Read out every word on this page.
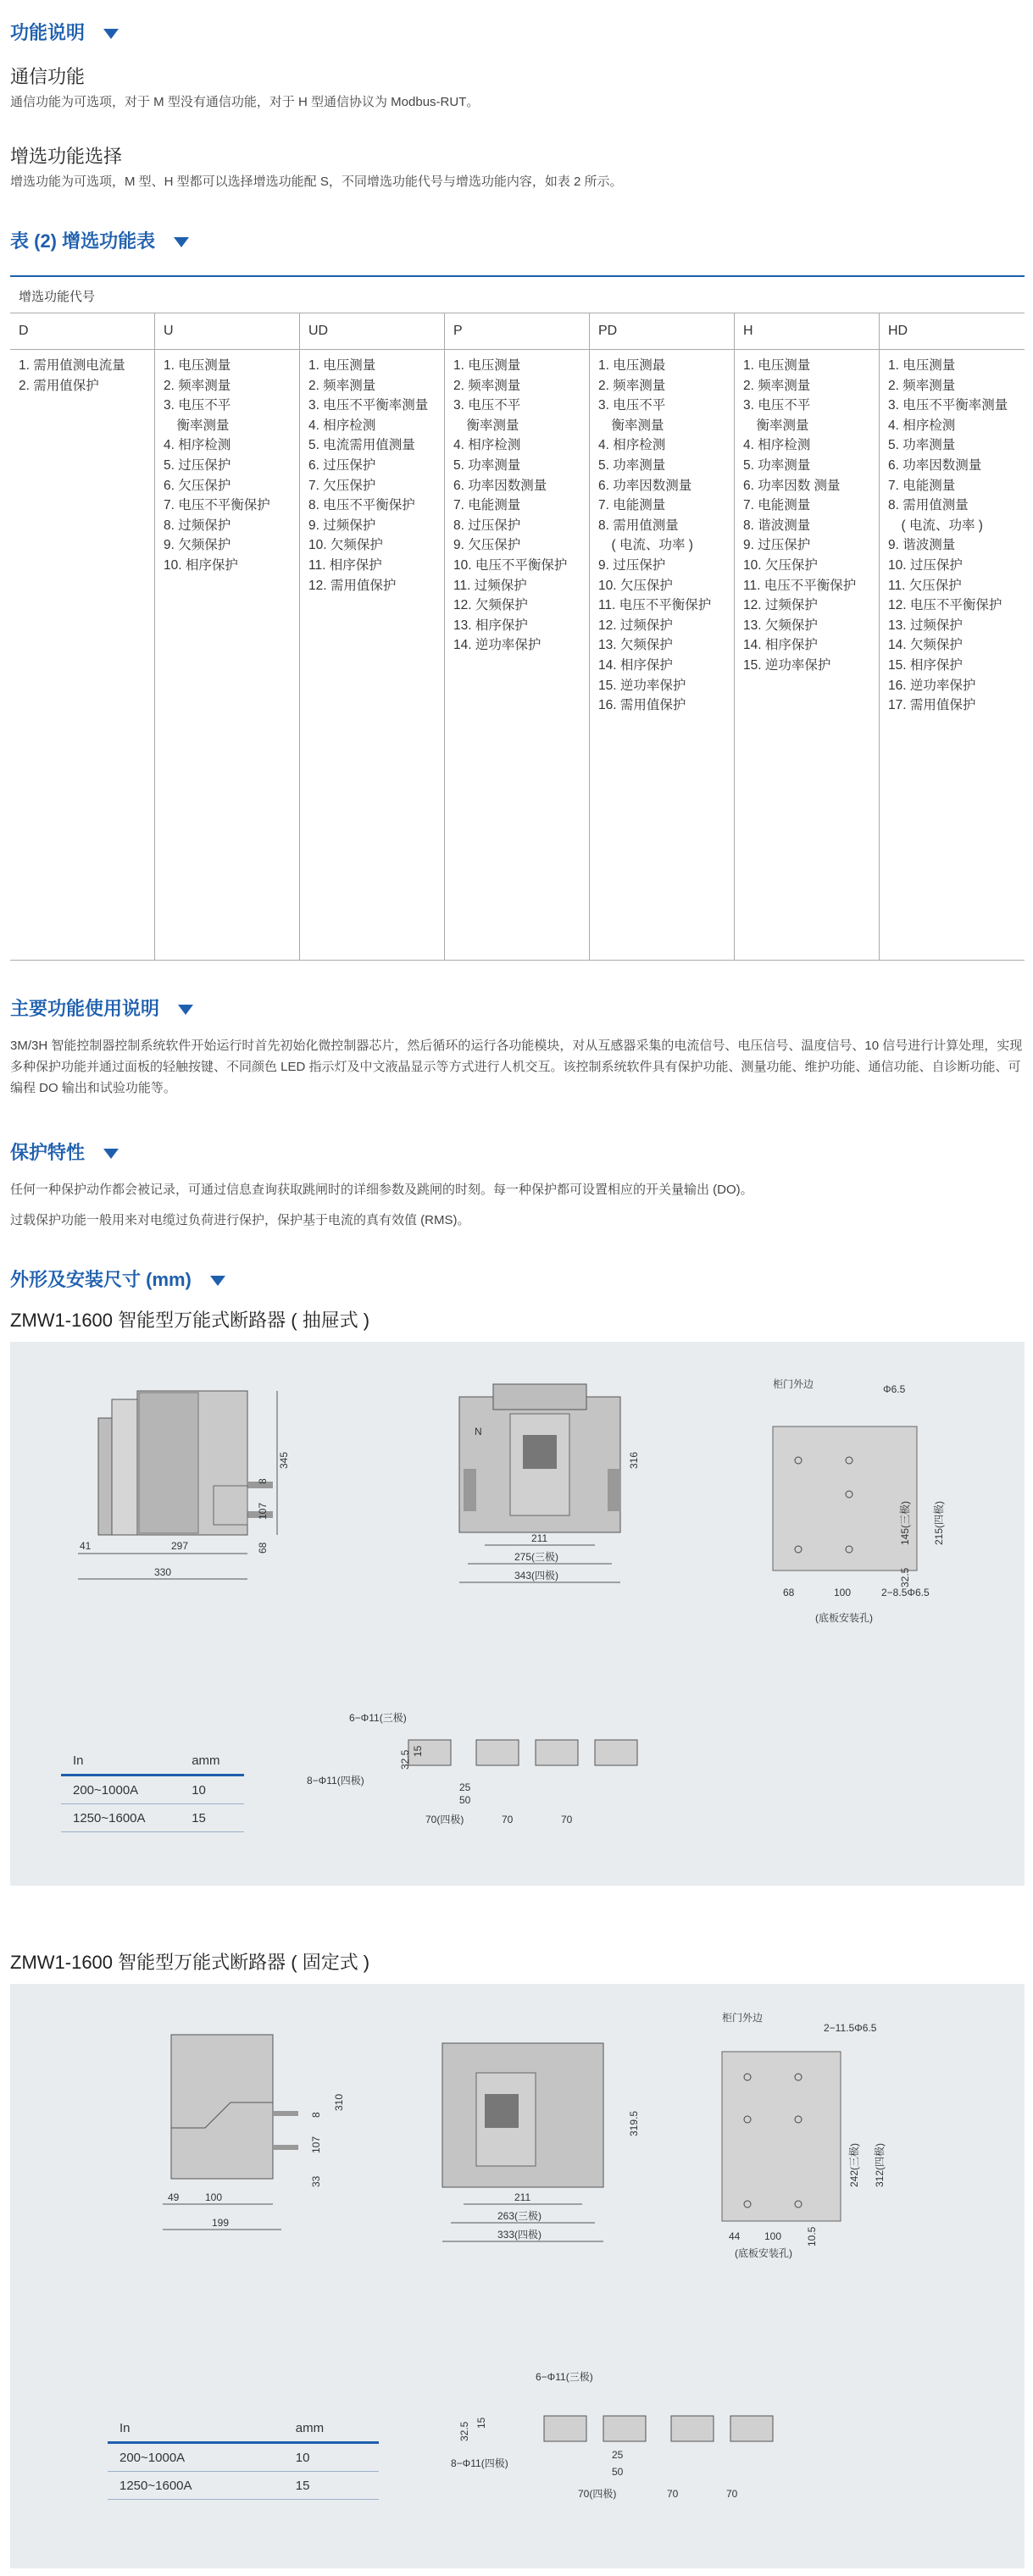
功能说明
通信功能
通信功能为可选项，对于 M 型没有通信功能，对于 H 型通信协议为 Modbus-RUT。
增选功能选择
增选功能为可选项，M 型、H 型都可以选择增选功能配 S，不同增选功能代号与增选功能内容，如表 2 所示。
表 (2) 增选功能表
增选功能代号
D
1. 需用值测电流量
2. 需用值保护
U
1. 电压测量
2. 频率测量
3. 电压不平
　衡率测量
4. 相序检测
5. 过压保护
6. 欠压保护
7. 电压不平衡保护
8. 过频保护
9. 欠频保护
10. 相序保护
UD
1. 电压测量
2. 频率测量
3. 电压不平衡率测量
4. 相序检测
5. 电流需用值测量
6. 过压保护
7. 欠压保护
8. 电压不平衡保护
9. 过频保护
10. 欠频保护
11. 相序保护
12. 需用值保护
P
1. 电压测量
2. 频率测量
3. 电压不平
　衡率测量
4. 相序检测
5. 功率测量
6. 功率因数测量
7. 电能测量
8. 过压保护
9. 欠压保护
10. 电压不平衡保护
11. 过频保护
12. 欠频保护
13. 相序保护
14. 逆功率保护
PD
1. 电压测最
2. 频率测量
3. 电压不平
　衡率测量
4. 相序检测
5. 功率测量
6. 功率因数测量
7. 电能测量
8. 需用值测量
　( 电流、功率 )
9. 过压保护
10. 欠压保护
11. 电压不平衡保护
12. 过频保护
13. 欠频保护
14. 相序保护
15. 逆功率保护
16. 需用值保护
H
1. 电压测量
2. 频率测量
3. 电压不平
　衡率测量
4. 相序检测
5. 功率测量
6. 功率因数 测量
7. 电能测量
8. 谐波测量
9. 过压保护
10. 欠压保护
11. 电压不平衡保护
12. 过频保护
13. 欠频保护
14. 相序保护
15. 逆功率保护
HD
1. 电压测量
2. 频率测量
3. 电压不平衡率测量
4. 相序检测
5. 功率测量
6. 功率因数测量
7. 电能测量
8. 需用值测量
　( 电流、功率 )
9. 谐波测量
10. 过压保护
11. 欠压保护
12. 电压不平衡保护
13. 过频保护
14. 欠频保护
15. 相序保护
16. 逆功率保护
17. 需用值保护
主要功能使用说明
3M/3H 智能控制器控制系统软件开始运行时首先初始化微控制器芯片，然后循环的运行各功能模块，对从互感器采集的电流信号、电压信号、温度信号、10 信号进行计算处理，实现多种保护功能并通过面板的轻触按键、不同颜色 LED 指示灯及中文液晶显示等方式进行人机交互。该控制系统软件具有保护功能、测量功能、维护功能、通信功能、自诊断功能、可编程 DO 输出和试验功能等。
保护特性
任何一种保护动作都会被记录，可通过信息查询获取跳闸时的详细参数及跳闸的时刻。每一种保护都可设置相应的开关量输出 (DO)。
过载保护功能一般用来对电缆过负荷进行保护，保护基于电流的真有效值 (RMS)。
外形及安装尺寸 (mm)
ZMW1-1600 智能型万能式断路器 ( 抽屉式 )
345
8
107
68
41	297
330
N
316
211
275(三极)
343(四极)
柜门外边	Φ6.5
215(四极)
145(三极)
32.5
68	100	2−8.5Φ6.5
(底板安装孔)
In	amm
200~1000A	10
1250~1600A	15
6−Φ11(三极)
32.5 15
8−Φ11(四极)
25
50
70(四极)	70	70
ZMW1-1600 智能型万能式断路器 ( 固定式 )
310
8
107
33
49	100
199
319.5
211
263(三极)
333(四极)
柜门外边
2−11.5Φ6.5
242(三极) 312(四极)
44 100 10.5
(底板安装孔)
In	amm
200~1000A	10
1250~1600A	15
6−Φ11(三极)
32.5 15
8−Φ11(四极)
25
50
70(四极)	70	70
